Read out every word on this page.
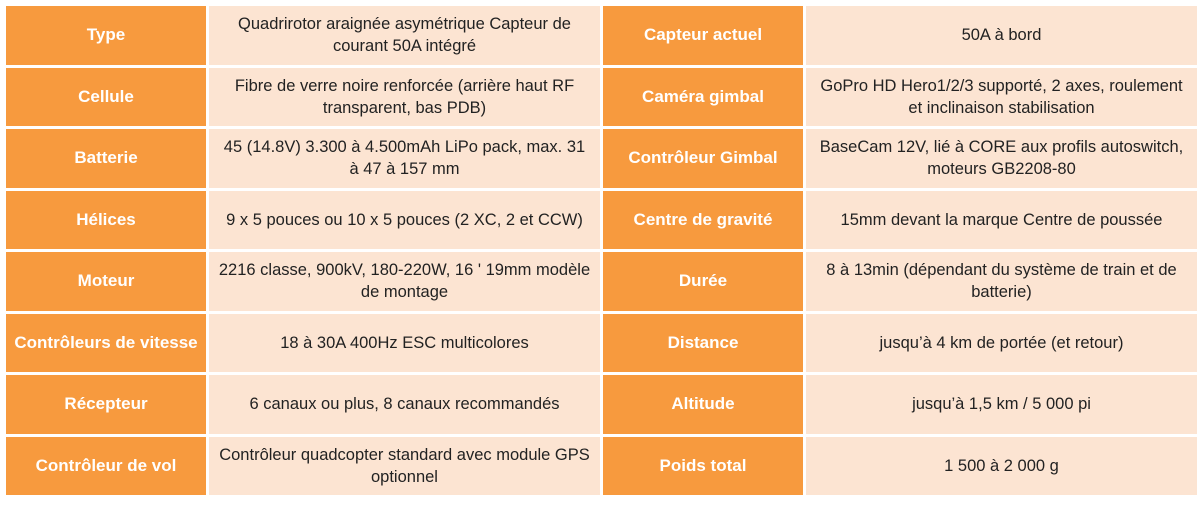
Type	Quadrirotor araignée asymétrique Capteur de courant 50A intégré	Capteur actuel	50A à bord
Cellule	Fibre de verre noire renforcée (arrière haut RF transparent, bas PDB)	Caméra gimbal	GoPro HD Hero1/2/3 supporté, 2 axes, roulement et inclinaison stabilisation
Batterie	45 (14.8V) 3.300 à 4.500mAh LiPo pack, max. 31 à 47 à 157 mm	Contrôleur Gimbal	BaseCam 12V, lié à CORE aux profils autoswitch, moteurs GB2208-80
Hélices	9 x 5 pouces ou 10 x 5 pouces (2 XC, 2 et CCW)	Centre de gravité	15mm devant la marque Centre de poussée
Moteur	2216 classe, 900kV, 180-220W, 16 ' 19mm modèle de montage	Durée	8 à 13min (dépendant du système de train et de batterie)
Contrôleurs de vitesse	18 à 30A 400Hz ESC multicolores	Distance	jusqu’à 4 km de portée (et retour)
Récepteur	6 canaux ou plus, 8 canaux recommandés	Altitude	jusqu’à 1,5 km / 5 000 pi
Contrôleur de vol	Contrôleur quadcopter standard avec module GPS optionnel	Poids total	1 500 à 2 000 g
